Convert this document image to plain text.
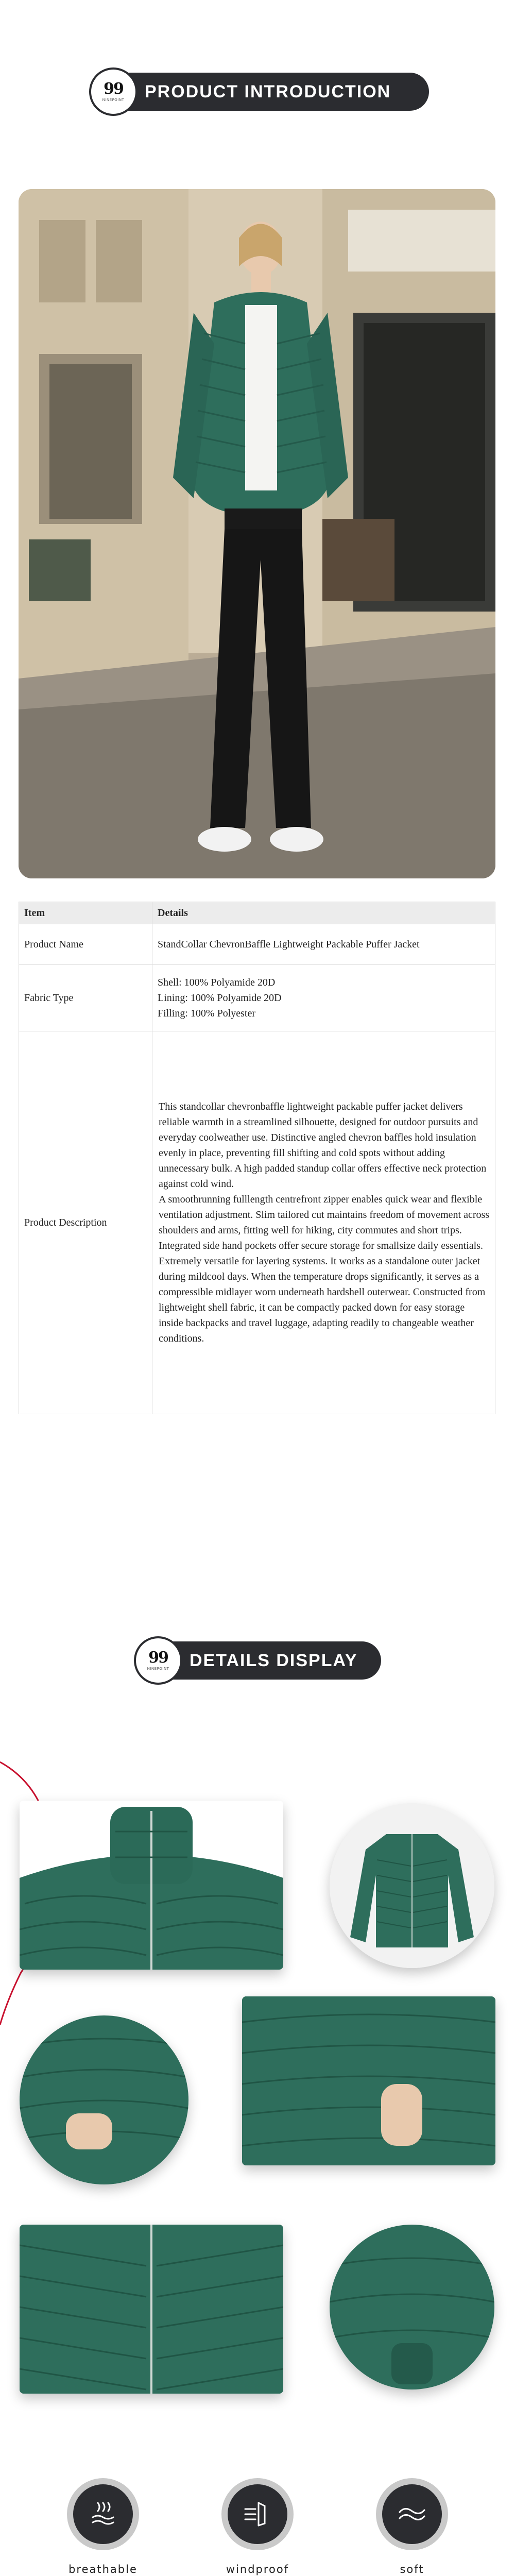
99
NINEPOINT PRODUCT INTRODUCTION
Item	Details
Product Name	StandCollar ChevronBaffle Lightweight Packable Puffer Jacket
Fabric Type	Shell: 100% Polyamide 20D
Lining: 100% Polyamide 20D
Filling: 100% Polyester

Product Description	This standcollar chevronbaffle lightweight packable puffer jacket delivers reliable warmth in a streamlined silhouette, designed for outdoor pursuits and everyday coolweather use. Distinctive angled chevron baffles hold insulation evenly in place, preventing fill shifting and cold spots without adding unnecessary bulk. A high padded standup collar offers effective neck protection against cold wind.

A smoothrunning fulllength centrefront zipper enables quick wear and flexible ventilation adjustment. Slim tailored cut maintains freedom of movement across shoulders and arms, fitting well for hiking, city commutes and short trips. Integrated side hand pockets offer secure storage for smallsize daily essentials.

Extremely versatile for layering systems. It works as a standalone outer jacket during mildcool days. When the temperature drops significantly, it serves as a compressible midlayer worn underneath hardshell outerwear. Constructed from lightweight shell fabric, it can be compactly packed down for easy storage inside backpacks and travel luggage, adapting readily to changeable weather conditions.

99
NINEPOINT DETAILS DISPLAY
breathable	windproof	soft
